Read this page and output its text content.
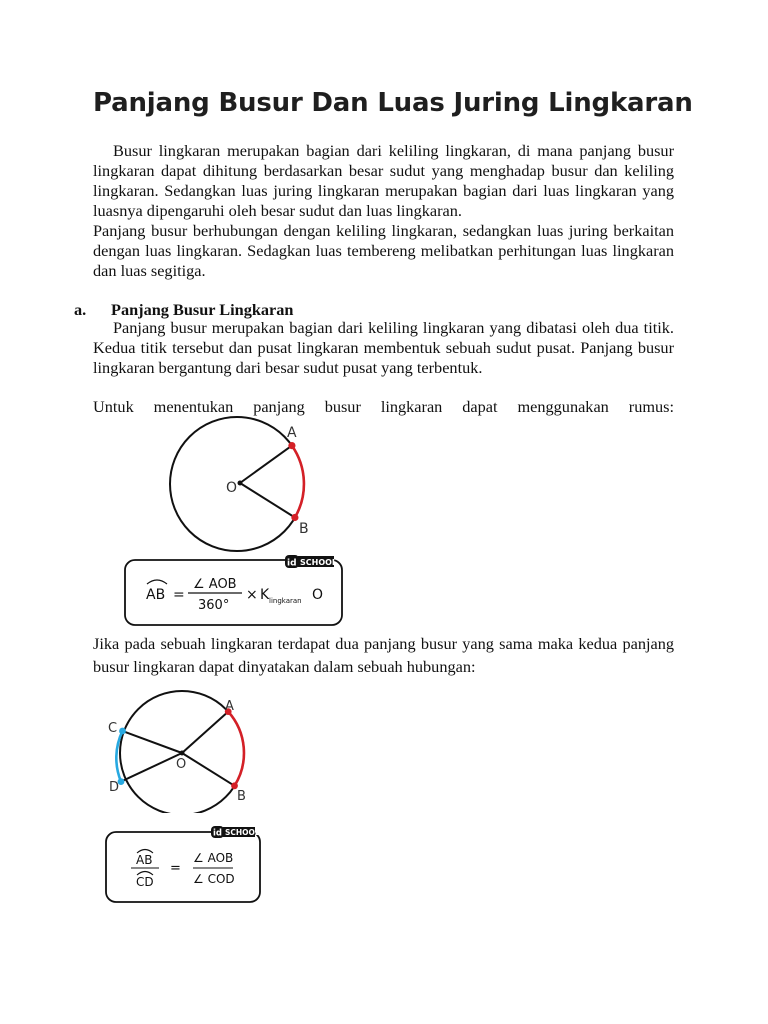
Panjang Busur Dan Luas Juring Lingkaran

Busur lingkaran merupakan bagian dari keliling lingkaran, di mana panjang busur lingkaran dapat dihitung berdasarkan besar sudut yang menghadap busur dan keliling lingkaran. Sedangkan luas juring lingkaran merupakan bagian dari luas lingkaran yang luasnya dipengaruhi oleh besar sudut dan luas lingkaran.

Panjang busur berhubungan dengan keliling lingkaran, sedangkan luas juring berkaitan dengan luas lingkaran. Sedagkan luas tembereng melibatkan perhitungan luas lingkaran dan luas segitiga.

a. Panjang Busur Lingkaran

Panjang busur merupakan bagian dari keliling lingkaran yang dibatasi oleh dua titik. Kedua titik tersebut dan pusat lingkaran membentuk sebuah sudut pusat. Panjang busur lingkaran bergantung dari besar sudut pusat yang terbentuk.

Untuk menentukan panjang busur lingkaran dapat menggunakan rumus:

A
B
O
AB =
∠ AOB
360°
× K lingkaran O
id SCHOOL

Jika pada sebuah lingkaran terdapat dua panjang busur yang sama maka kedua panjang busur lingkaran dapat dinyatakan dalam sebuah hubungan:

A
B
C
D
O
AB
CD
=
∠ AOB
∠ COD
id SCHOOL
